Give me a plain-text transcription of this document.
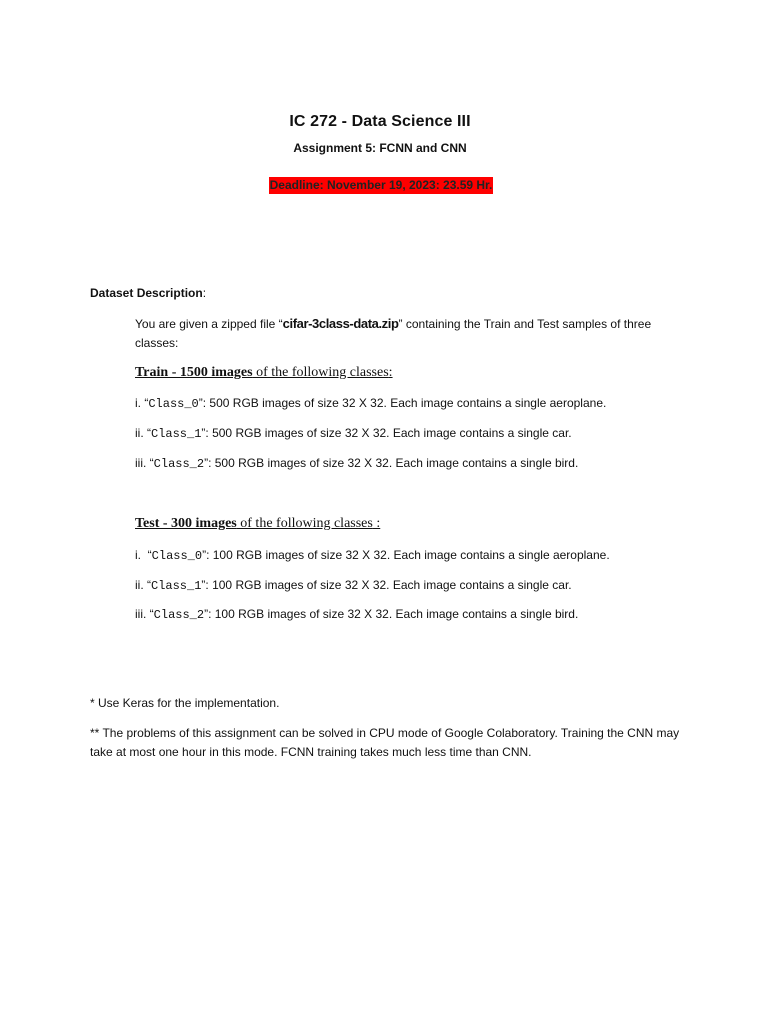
IC 272 - Data Science III
Assignment 5: FCNN and CNN
Deadline: November 19, 2023: 23.59 Hr.
Dataset Description:
You are given a zipped file “cifar-3class-data.zip” containing the Train and Test samples of three classes:
Train - 1500 images of the following classes:
i. “Class_0”: 500 RGB images of size 32 X 32. Each image contains a single aeroplane.
ii. “Class_1”: 500 RGB images of size 32 X 32. Each image contains a single car.
iii. “Class_2”: 500 RGB images of size 32 X 32. Each image contains a single bird.
Test - 300 images of the following classes :
i.  “Class_0”: 100 RGB images of size 32 X 32. Each image contains a single aeroplane.
ii. “Class_1”: 100 RGB images of size 32 X 32. Each image contains a single car.
iii. “Class_2”: 100 RGB images of size 32 X 32. Each image contains a single bird.
* Use Keras for the implementation.
** The problems of this assignment can be solved in CPU mode of Google Colaboratory. Training the CNN may take at most one hour in this mode. FCNN training takes much less time than CNN.
